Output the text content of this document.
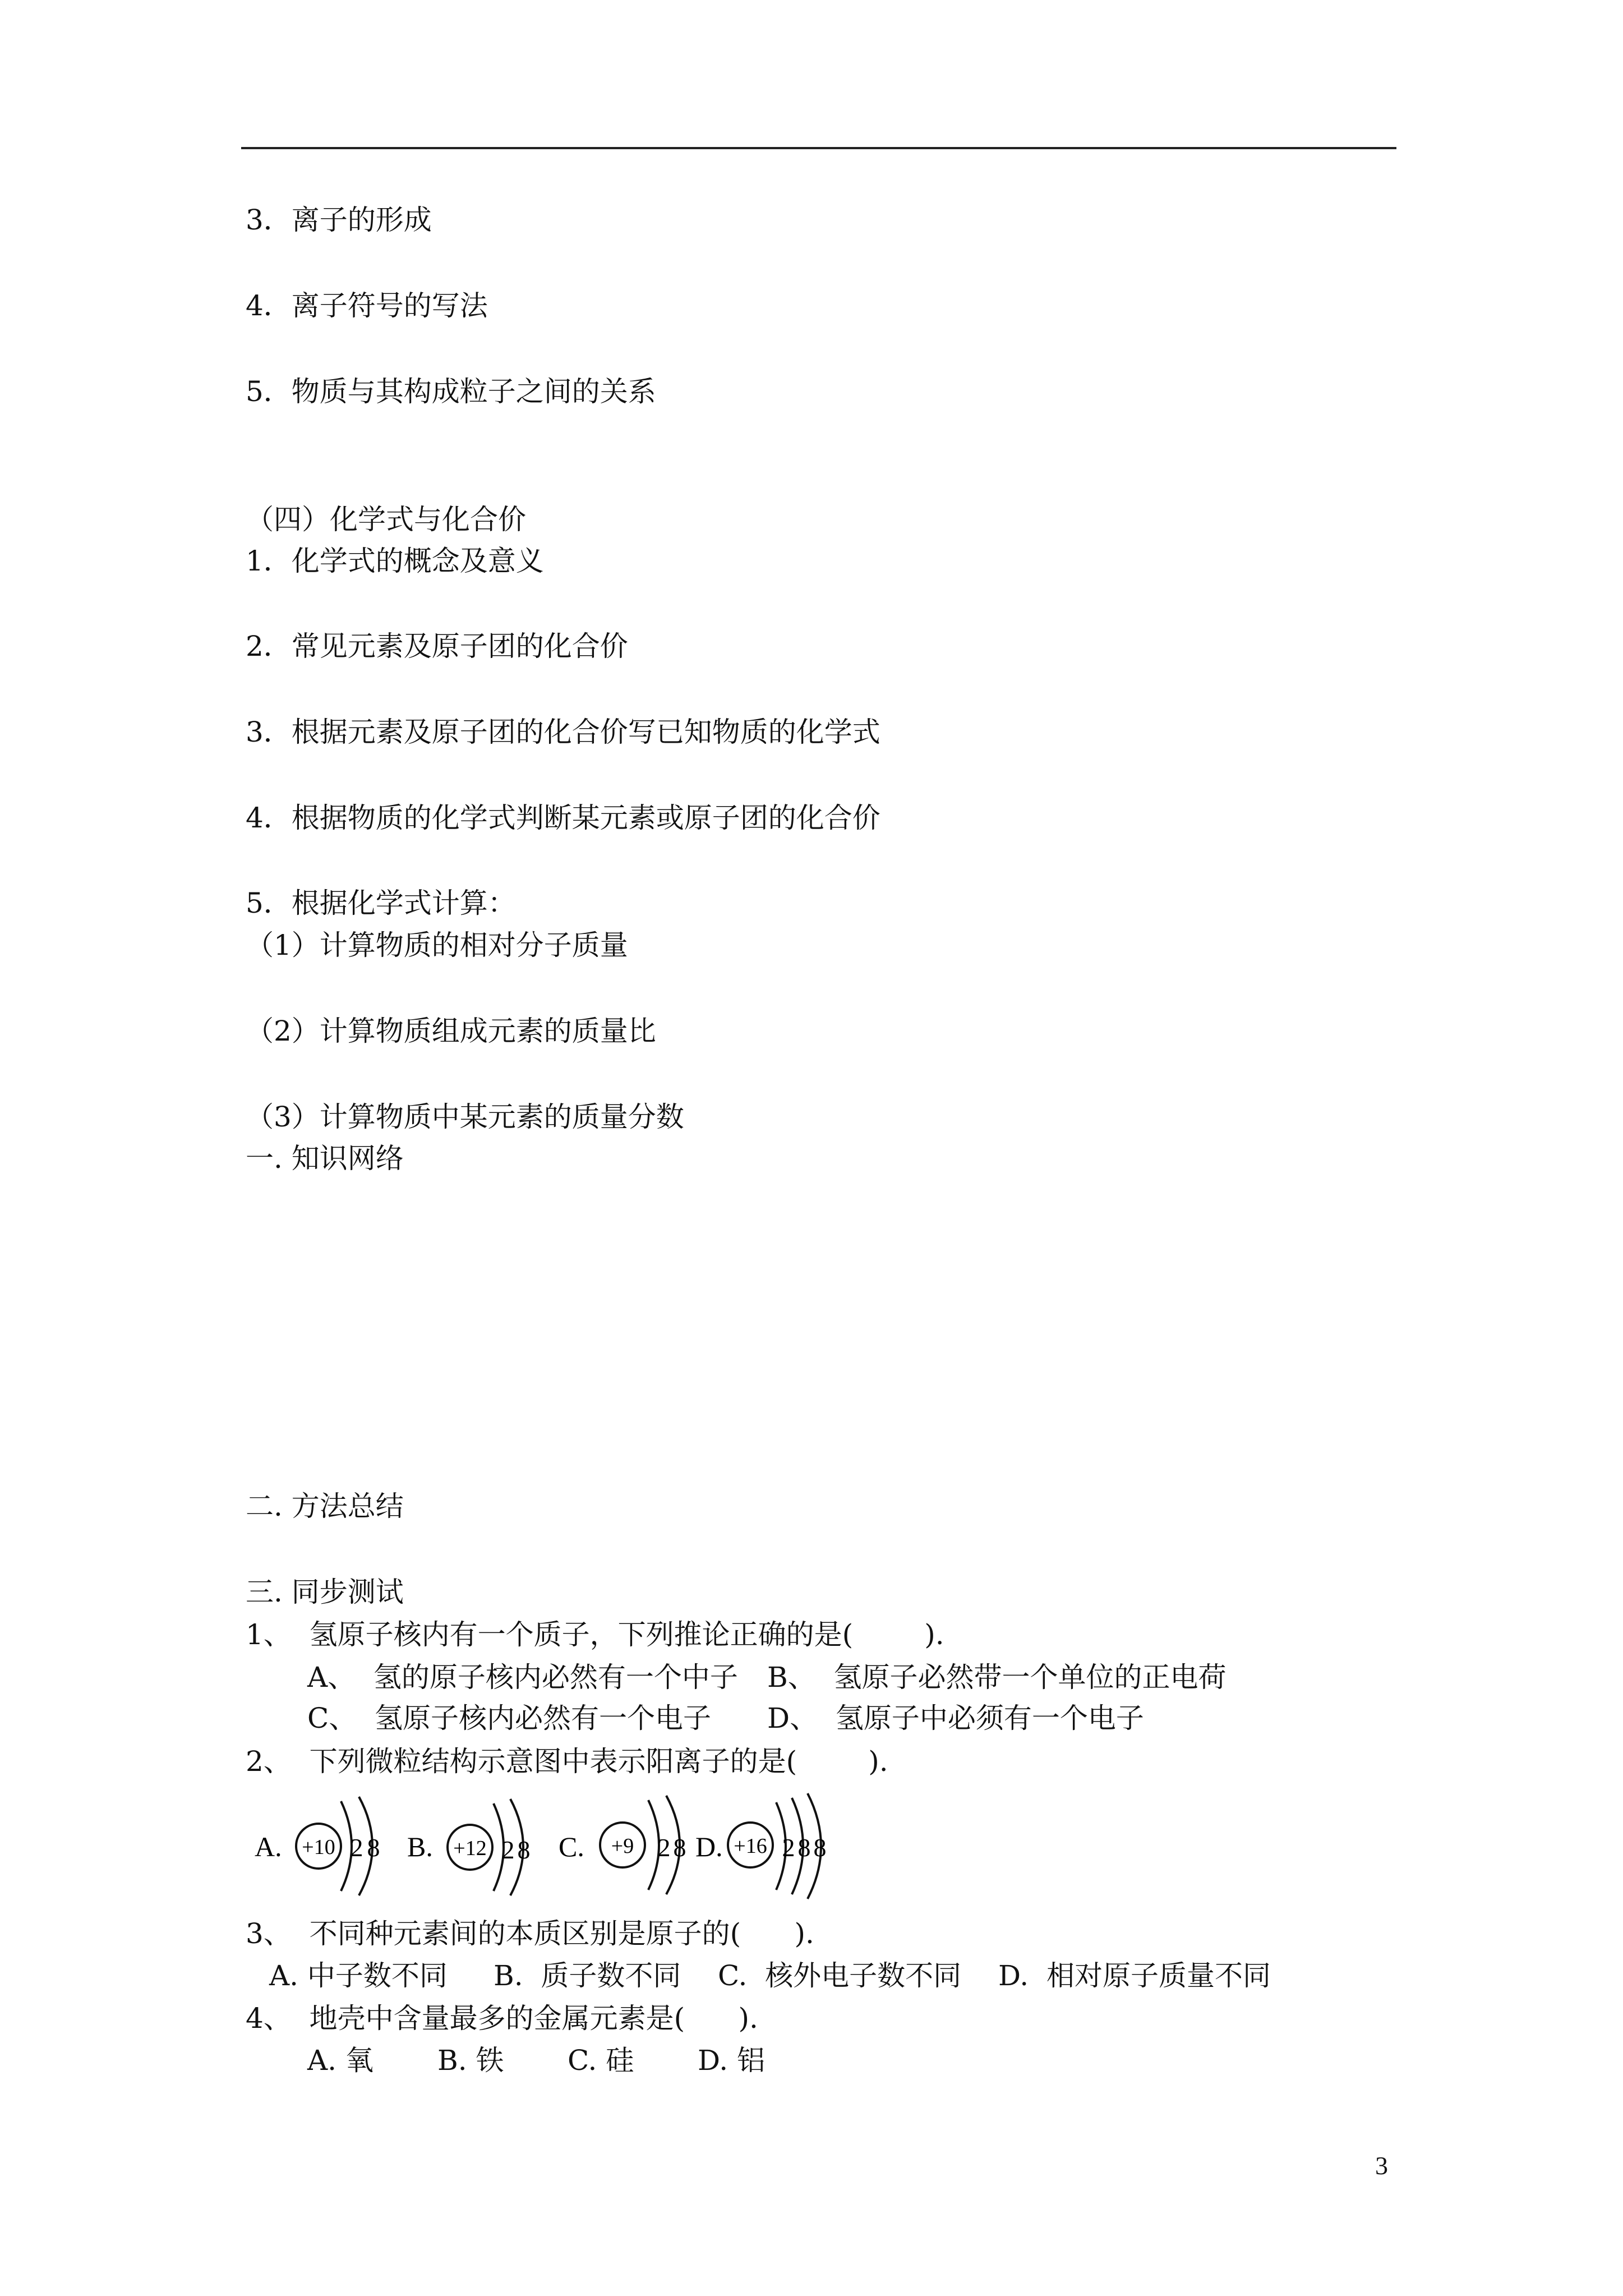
3．离子的形成
4．离子符号的写法
5．物质与其构成粒子之间的关系
（四）化学式与化合价
1．化学式的概念及意义
2．常见元素及原子团的化合价
3．根据元素及原子团的化合价写已知物质的化学式
4．根据物质的化学式判断某元素或原子团的化合价
5．根据化学式计算：
（1）计算物质的相对分子质量
（2）计算物质组成元素的质量比
（3）计算物质中某元素的质量分数
一. 知识网络
二. 方法总结
三. 同步测试
1、  氢原子核内有一个质子，下列推论正确的是(        ).
A、  氢的原子核内必然有一个中子	B、  氢原子必然带一个单位的正电荷
C、  氢原子核内必然有一个电子	D、  氢原子中必须有一个电子
2、  下列微粒结构示意图中表示阳离子的是(        ).
A. +10 2 8 B. +12 2 8 C. +9 2 8 D. +16 2 8 8
3、  不同种元素间的本质区别是原子的(      ).
A. 中子数不同	B.  质子数不同	C.  核外电子数不同	D.  相对原子质量不同
4、  地壳中含量最多的金属元素是(      ).
A. 氧	B. 铁	C. 硅	D. 铝
3
